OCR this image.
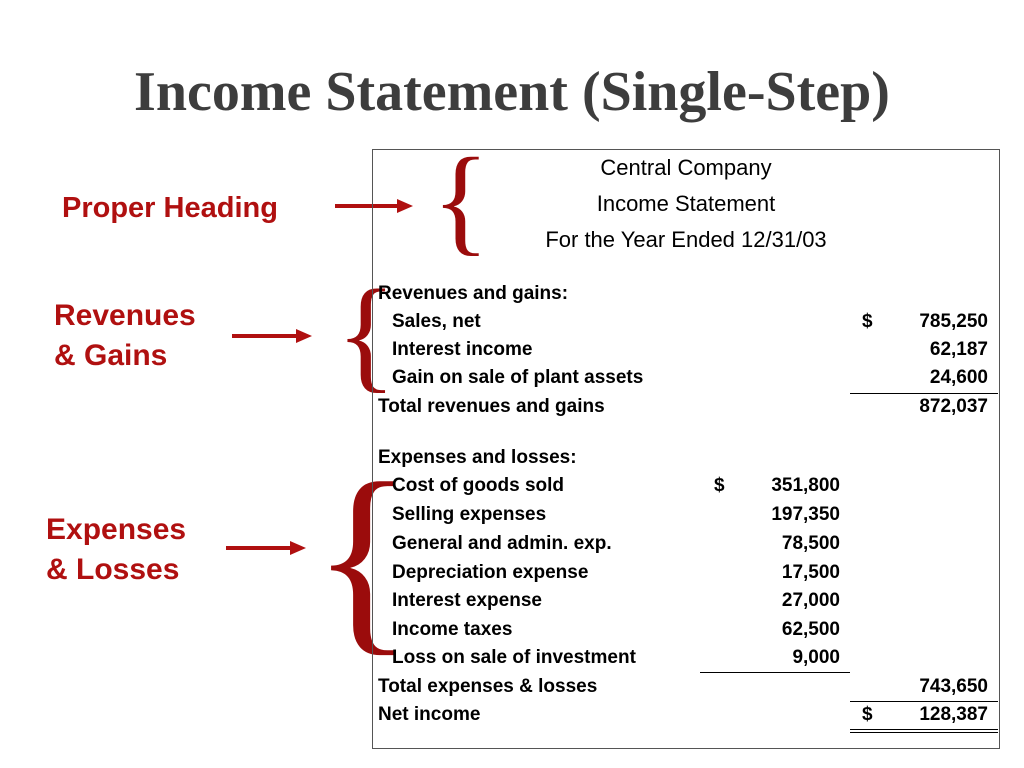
Income Statement (Single-Step)
Proper Heading {
Revenues
& Gains {
Expenses
& Losses {
Central Company
Income Statement
For the Year Ended 12/31/03
Revenues and gains:
Sales, net	$ 785,250
Interest income	62,187
Gain on sale of plant assets	24,600
Total revenues and gains	872,037
Expenses and losses:
Cost of goods sold	$ 351,800
Selling expenses	197,350
General and admin. exp.	78,500
Depreciation expense	17,500
Interest expense	27,000
Income taxes	62,500
Loss on sale of investment	9,000
Total expenses & losses	743,650
Net income	$ 128,387
